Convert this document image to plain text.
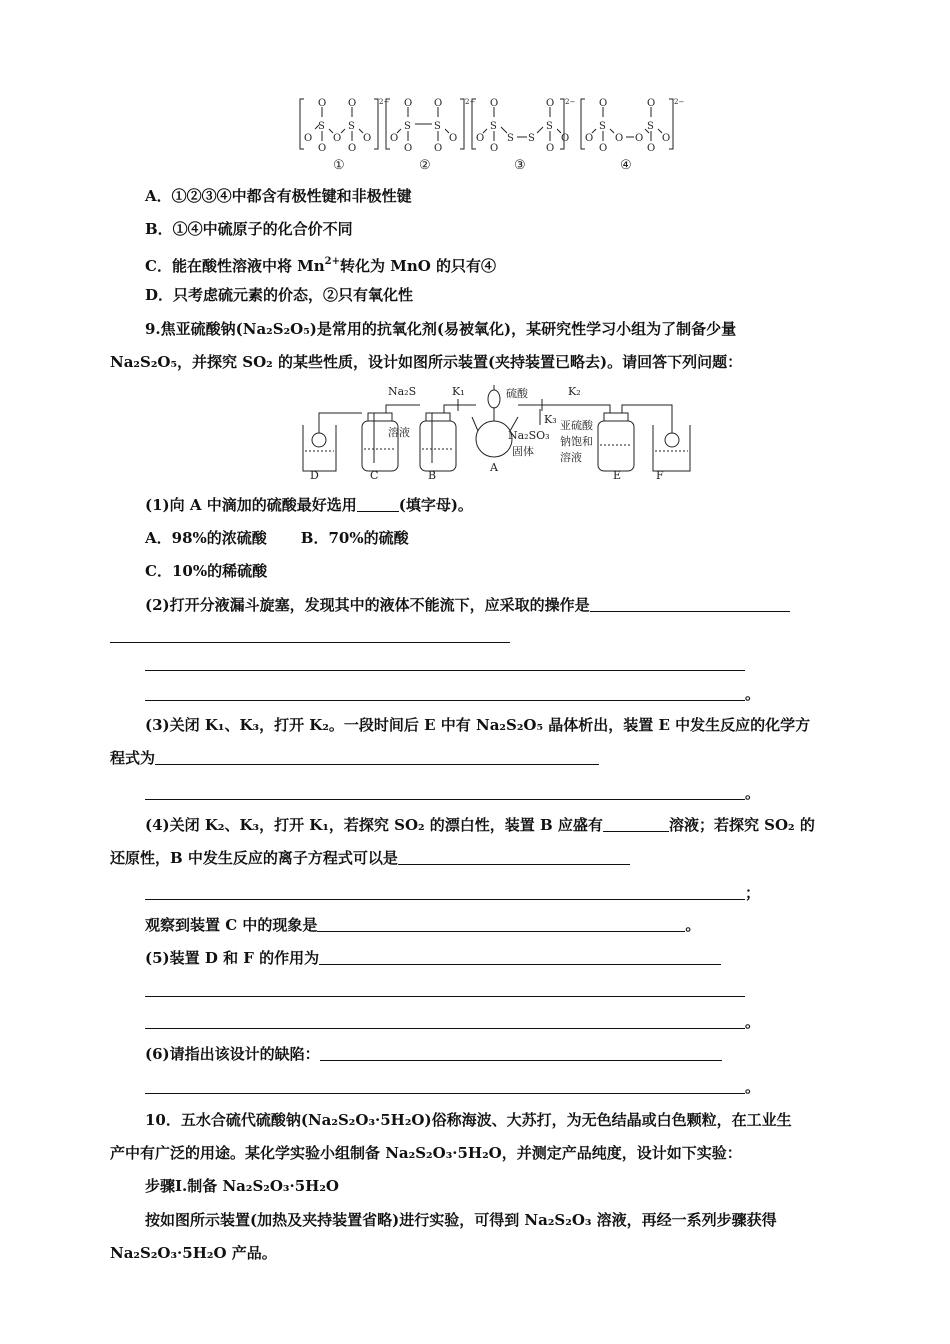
O
S
O
O O
O
S
O
O
O
S
O
O
O
S
O
O
O
S
O
O S S
O
S
O
O
O
S
O
O O O
O
S
O
O
2−	2−	2−	2−
①	②	③	④
A．①②③④中都含有极性键和非极性键
B．①④中硫原子的化合价不同
C．能在酸性溶液中将 $Mn^{2+}$转化为 MnO 的只有④
D．只考虑硫元素的价态，②只有氧化性
9.焦亚硫酸钠(Na₂S₂O₅)是常用的抗氧化剂(易被氧化)，某研究性学习小组为了制备少量
Na₂S₂O₅，并探究 SO₂ 的某些性质，设计如图所示装置(夹持装置已略去)。请回答下列问题：
K₁	硫酸	K₂
K₃
Na₂S
溶液	Na₂SO₃
固体
亚硫酸
钠饱和
溶液
D	C	B
A
E	F
(1)向 A 中滴加的硫酸最好选用	(填字母)。
A．98%的浓硫酸 B．70%的硫酸
C．10%的稀硫酸
(2)打开分液漏斗旋塞，发现其中的液体不能流下，应采取的操作是
。
(3)关闭 K₁、K₃，打开 K₂。一段时间后 E 中有 Na₂S₂O₅ 晶体析出，装置 E 中发生反应的化学方
程式为
。
(4)关闭 K₂、K₃，打开 K₁，若探究 SO₂ 的漂白性，装置 B 应盛有	溶液；若探究 SO₂ 的
还原性，B 中发生反应的离子方程式可以是
；
观察到装置 C 中的现象是	。
(5)装置 D 和 F 的作用为
。
(6)请指出该设计的缺陷：
。
10．五水合硫代硫酸钠(Na₂S₂O₃·5H₂O)俗称海波、大苏打，为无色结晶或白色颗粒，在工业生
产中有广泛的用途。某化学实验小组制备 Na₂S₂O₃·5H₂O，并测定产品纯度，设计如下实验：
步骤Ⅰ.制备 Na₂S₂O₃·5H₂O
按如图所示装置(加热及夹持装置省略)进行实验，可得到 Na₂S₂O₃ 溶液，再经一系列步骤获得
Na₂S₂O₃·5H₂O 产品。
